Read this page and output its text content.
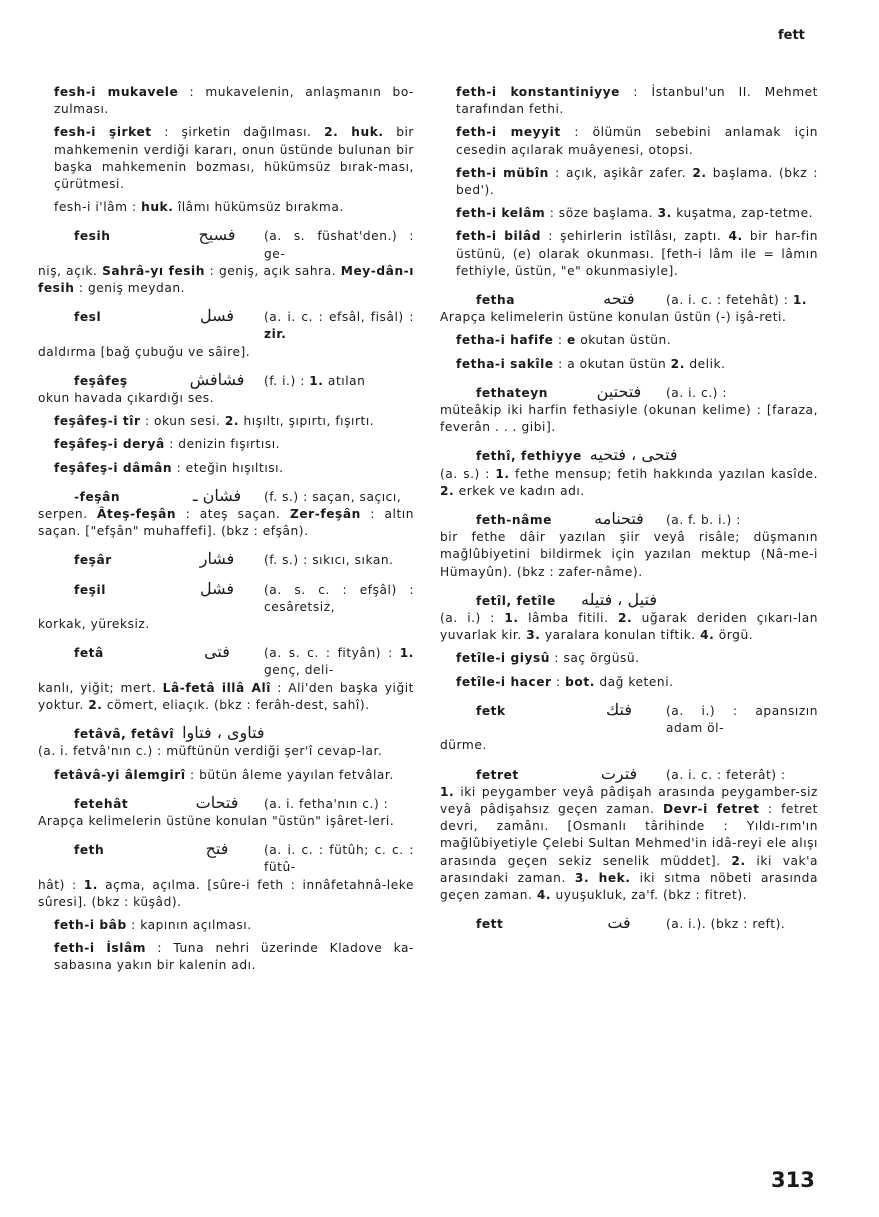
fett

fesh-i mukavele : mukavelenin, anlaşmanın bo-zulması.

fesh-i şirket : şirketin dağılması. 2. huk. bir mahkemenin verdiği kararı, onun üstünde bulunan bir başka mahkemenin bozması, hükümsüz bırak-ması, çürütmesi.

fesh-i i'lâm : huk. îlâmı hükümsüz bırakma.

fesih	فسيح	(a. s. füshat'den.) : ge-

niş, açık. Sahrâ-yı fesih : geniş, açık sahra. Mey-dân-ı fesih : geniş meydan.

fesl	فسل	(a. i. c. : efsâl, fisâl) : zir.

daldırma [bağ çubuğu ve sâire].

feşâfeş	فشافش	(f. i.) : 1. atılan

okun havada çıkardığı ses.

feşâfeş-i tîr : okun sesi. 2. hışıltı, şıpırtı, fışırtı.

feşâfeş-i deryâ : denizin fışırtısı.

feşâfeş-i dâmân : eteğin hışıltısı.

-feşân	فشان ـ	(f. s.) : saçan, saçıcı,

serpen. Âteş-feşân : ateş saçan. Zer-feşân : altın saçan. ["efşân" muhaffefi]. (bkz : efşân).

feşâr	فشار	(f. s.) : sıkıcı, sıkan.
feşil	فشل	(a. s. c. : efşâl) : cesâretsiz,

korkak, yüreksiz.

fetâ	فتى	(a. s. c. : fityân) : 1. genç, deli-

kanlı, yiğit; mert. Lâ-fetâ illâ Alî : Ali'den başka yiğit yoktur. 2. cömert, eliaçık. (bkz : ferâh-dest, sahî).

fetâvâ, fetâvî فتاوى ، فتاوا

(a. i. fetvâ'nın c.) : müftünün verdiği şer'î cevap-lar.

fetâvâ-yi âlemgirî : bütün âleme yayılan fetvâlar.

fetehât	فتحات	(a. i. fetha'nın c.) :

Arapça kelimelerin üstüne konulan "üstün" işâret-leri.

feth	فتح	(a. i. c. : fütûh; c. c. : fütû-

hât) : 1. açma, açılma. [sûre-i feth : innâfetahnâ-leke sûresi]. (bkz : küşâd).

feth-i bâb : kapının açılması.

feth-i İslâm : Tuna nehri üzerinde Kladove ka-sabasına yakın bir kalenin adı.

feth-i konstantiniyye : İstanbul'un II. Mehmet tarafından fethi.

feth-i meyyit : ölümün sebebini anlamak için cesedin açılarak muâyenesi, otopsi.

feth-i mübîn : açık, aşikâr zafer. 2. başlama. (bkz : bed').

feth-i kelâm : söze başlama. 3. kuşatma, zap-tetme.

feth-i bilâd : şehirlerin istîlâsı, zaptı. 4. bir har-fin üstünü, (e) olarak okunması. [feth-i lâm ile = lâmın fethiyle, üstün, "e" okunmasiyle].

fetha	فتحه	(a. i. c. : fetehât) : 1.

Arapça kelimelerin üstüne konulan üstün (-) işâ-reti.

fetha-i hafife : e okutan üstün.

fetha-i sakîle : a okutan üstün 2. delik.

fethateyn	فتحتين	(a. i. c.) :

müteâkip iki harfin fethasiyle (okunan kelime) : [faraza, feverân . . . gibi].

fethî, fethiyye فتحى ، فتحيه

(a. s.) : 1. fethe mensup; fetih hakkında yazılan kasîde. 2. erkek ve kadın adı.

feth-nâme	فتحنامه	(a. f. b. i.) :

bir fethe dâir yazılan şiir veyâ risâle; düşmanın mağlûbiyetini bildirmek için yazılan mektup (Nâ-me-i Hümayûn). (bkz : zafer-nâme).

fetîl, fetîle	فتيل ، فتيله

(a. i.) : 1. lâmba fitili. 2. uğarak deriden çıkarı-lan yuvarlak kir. 3. yaralara konulan tiftik. 4. örgü.

fetîle-i giysû : saç örgüsü.

fetîle-i hacer : bot. dağ keteni.

fetk	فتك	(a. i.) : apansızın adam öl-

dürme.

fetret	فترت	(a. i. c. : feterât) :

1. iki peygamber veyâ pâdişah arasında peygamber-siz veyâ pâdişahsız geçen zaman. Devr-i fetret : fetret devri, zamânı. [Osmanlı târihinde : Yıldı-rım'ın mağlûbiyetiyle Çelebi Sultan Mehmed'in idâ-reyi ele alışı arasında geçen sekiz senelik müddet]. 2. iki vak'a arasındaki zaman. 3. hek. iki sıtma nöbeti arasında geçen zaman. 4. uyuşukluk, za'f. (bkz : fitret).

fett	فت	(a. i.). (bkz : reft).
313
